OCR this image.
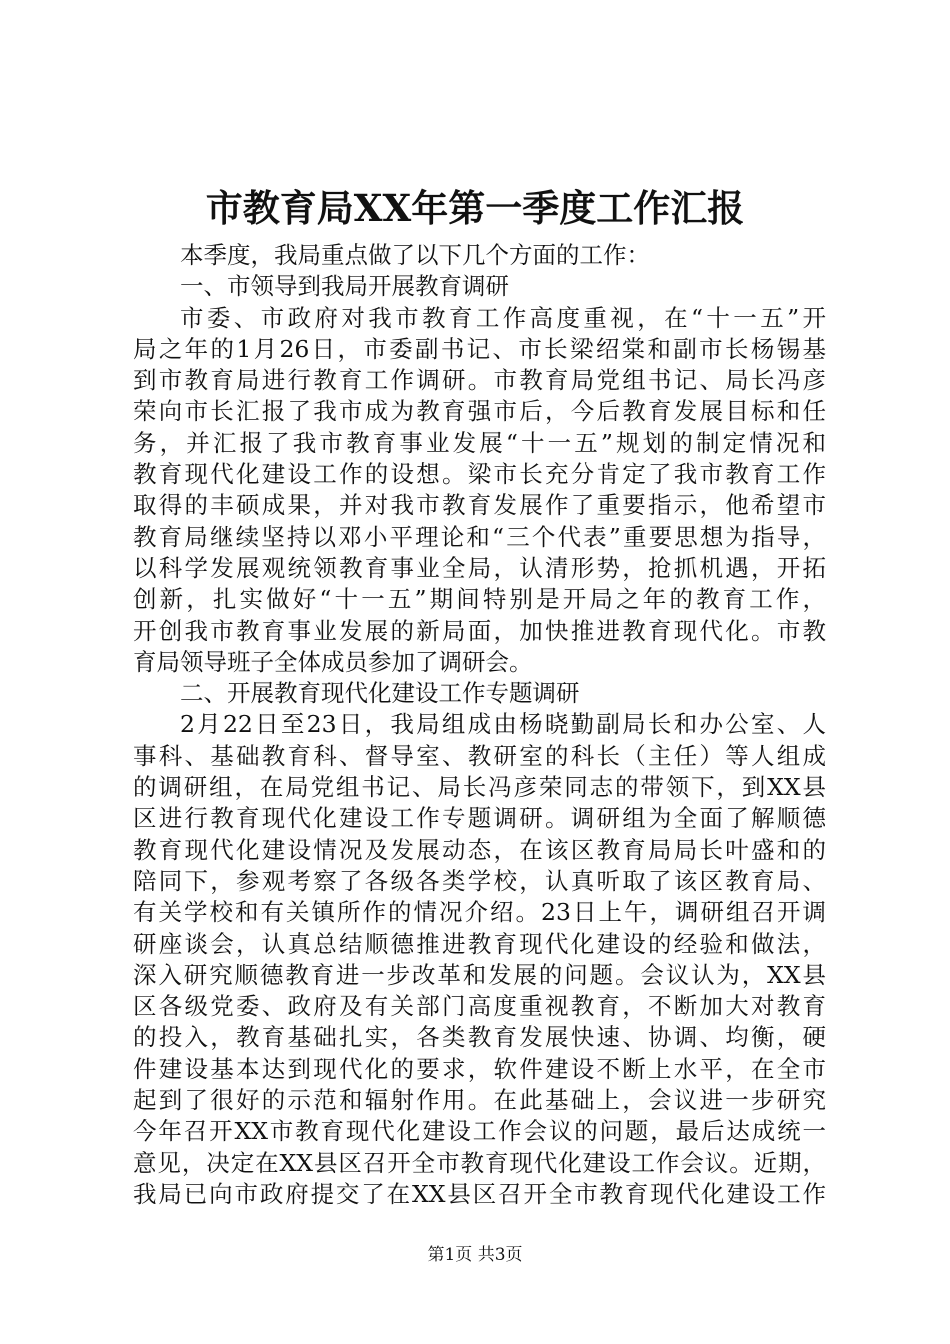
市教育局XX年第一季度工作汇报
本季度，我局重点做了以下几个方面的工作：
一、市领导到我局开展教育调研
市委、市政府对我市教育工作高度重视，在“十一五”开
局之年的1月26日，市委副书记、市长梁绍棠和副市长杨锡基
到市教育局进行教育工作调研。市教育局党组书记、局长冯彦
荣向市长汇报了我市成为教育强市后，今后教育发展目标和任
务，并汇报了我市教育事业发展“十一五”规划的制定情况和
教育现代化建设工作的设想。梁市长充分肯定了我市教育工作
取得的丰硕成果，并对我市教育发展作了重要指示，他希望市
教育局继续坚持以邓小平理论和“三个代表”重要思想为指导，
以科学发展观统领教育事业全局，认清形势，抢抓机遇，开拓
创新，扎实做好“十一五”期间特别是开局之年的教育工作，
开创我市教育事业发展的新局面，加快推进教育现代化。市教
育局领导班子全体成员参加了调研会。
二、开展教育现代化建设工作专题调研
2月22日至23日，我局组成由杨晓勤副局长和办公室、人
事科、基础教育科、督导室、教研室的科长（主任）等人组成
的调研组，在局党组书记、局长冯彦荣同志的带领下，到XX县
区进行教育现代化建设工作专题调研。调研组为全面了解顺德
教育现代化建设情况及发展动态，在该区教育局局长叶盛和的
陪同下，参观考察了各级各类学校，认真听取了该区教育局、
有关学校和有关镇所作的情况介绍。23日上午，调研组召开调
研座谈会，认真总结顺德推进教育现代化建设的经验和做法，
深入研究顺德教育进一步改革和发展的问题。会议认为，XX县
区各级党委、政府及有关部门高度重视教育，不断加大对教育
的投入，教育基础扎实，各类教育发展快速、协调、均衡，硬
件建设基本达到现代化的要求，软件建设不断上水平，在全市
起到了很好的示范和辐射作用。在此基础上，会议进一步研究
今年召开XX市教育现代化建设工作会议的问题，最后达成统一
意见，决定在XX县区召开全市教育现代化建设工作会议。近期，
我局已向市政府提交了在XX县区召开全市教育现代化建设工作
第1页 共3页
